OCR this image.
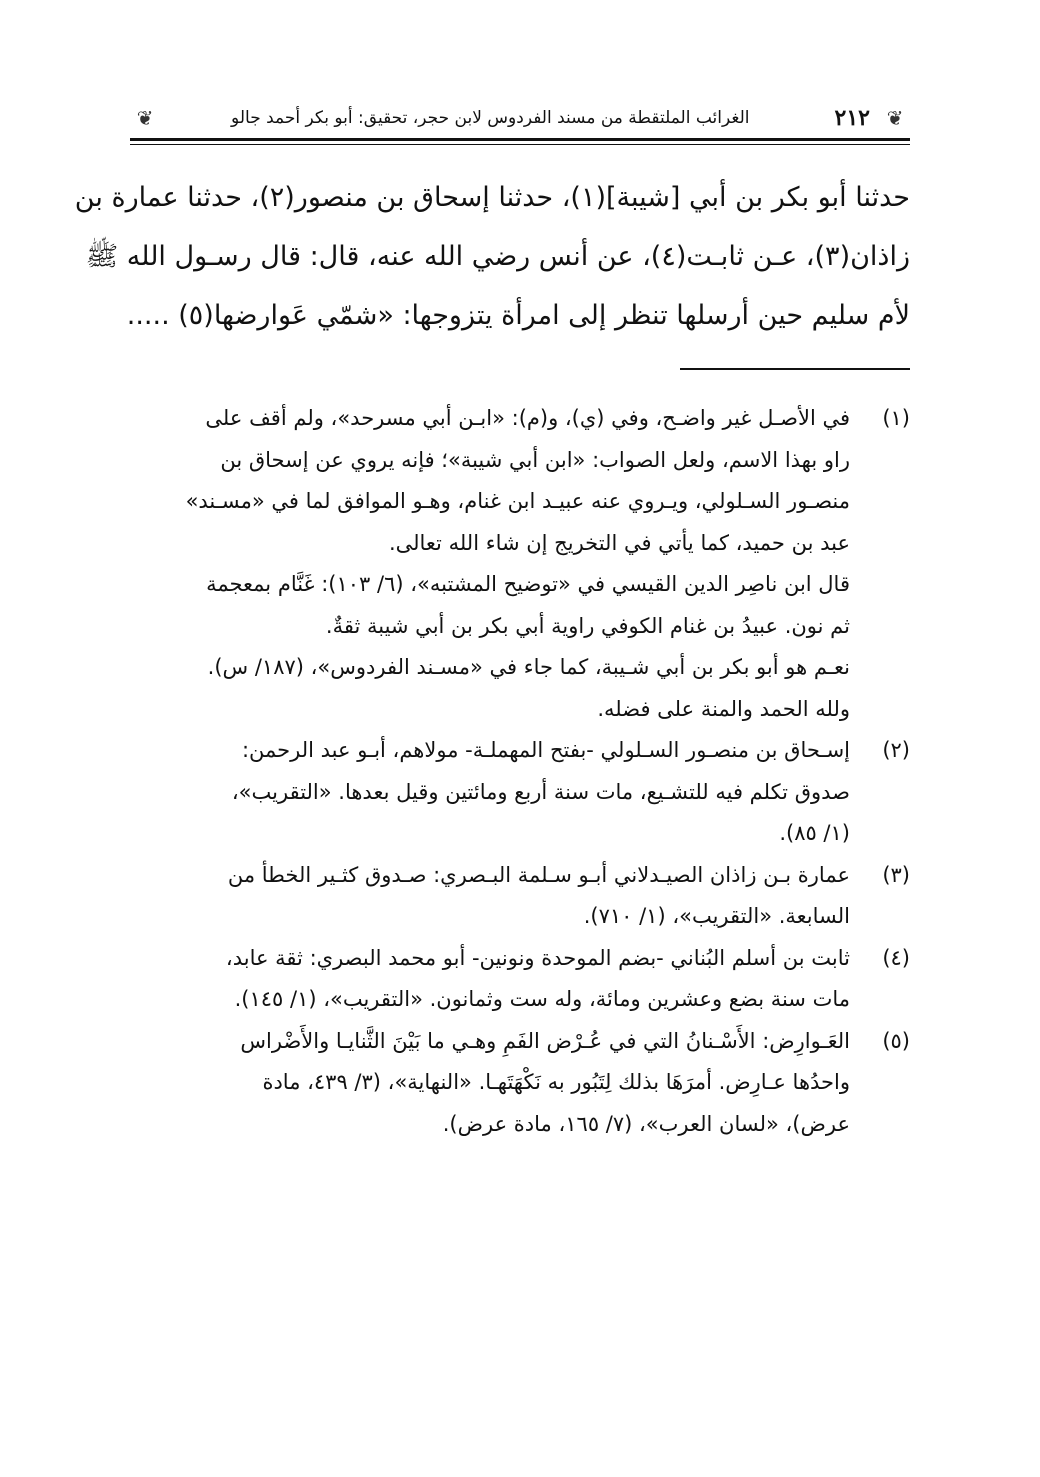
❦
٢١٢
الغرائب الملتقطة من مسند الفردوس لابن حجر، تحقيق: أبو بكر أحمد جالو
❦
حدثنا أبو بكر بن أبي [شيبة](١)، حدثنا إسحاق بن منصور(٢)، حدثنا عمارة بن
زاذان(٣)، عـن ثابـت(٤)، عن أنس رضي الله عنه، قال: قال رسـول الله ﷺ
لأم سليم حين أرسلها تنظر إلى امرأة يتزوجها: «شمّي عَوارضها(٥) .....
(١)
في الأصـل غير واضـح، وفي (ي)، و(م): «ابـن أبي مسرحد»، ولم أقف على
راو بهذا الاسم، ولعل الصواب: «ابن أبي شيبة»؛ فإنه يروي عن إسحاق بن
منصـور السـلولي، ويـروي عنه عبيـد ابن غنام، وهـو الموافق لما في «مسـند»
عبد بن حميد، كما يأتي في التخريج إن شاء الله تعالى.
قال ابن ناصِر الدين القيسي في «توضيح المشتبه»، (٦/ ١٠٣): غَنَّام بمعجمة
ثم نون. عبيدُ بن غنام الكوفي راوية أبي بكر بن أبي شيبة ثقةٌ.
نعـم هو أبو بكر بن أبي شـيبة، كما جاء في «مسـند الفردوس»، (١٨٧/ س).
ولله الحمد والمنة على فضله.
(٢)
إسـحاق بن منصـور السـلولي -بفتح المهملـة- مولاهم، أبـو عبد الرحمن:
صدوق تكلم فيه للتشـيع، مات سنة أربع ومائتين وقيل بعدها. «التقريب»،
(١/ ٨٥).
(٣)
عمارة بـن زاذان الصيـدلاني أبـو سـلمة البـصري: صـدوق كثـير الخطأ من
السابعة. «التقريب»، (١/ ٧١٠).
(٤)
ثابت بن أسلم البُناني -بضم الموحدة ونونين- أبو محمد البصري: ثقة عابد،
مات سنة بضع وعشرين ومائة، وله ست وثمانون. «التقريب»، (١/ ١٤٥).
(٥)
العَـوارِض: الأَسْـنانُ التي في عُـرْض الفَمِ وهـي ما بَيْنَ الثَّنايـا والأَضْراس
واحدُها عـارِض. أمرَهَا بذلك لِتَبُور به نَكْهَتَهـا. «النهاية»، (٣/ ٤٣٩، مادة
عرض)، «لسان العرب»، (٧/ ١٦٥، مادة عرض).
